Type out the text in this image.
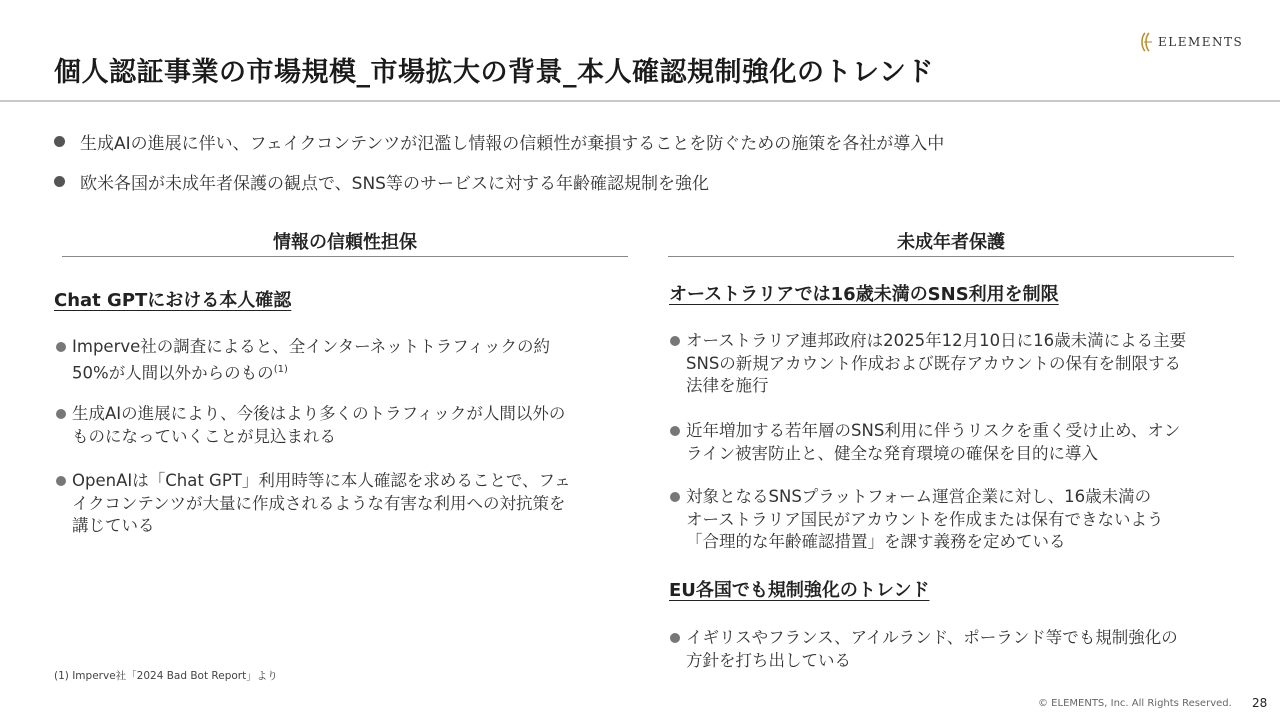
個人認証事業の市場規模_市場拡大の背景_本人確認規制強化のトレンド
ELEMENTS
生成AIの進展に伴い、フェイクコンテンツが氾濫し情報の信頼性が棄損することを防ぐための施策を各社が導入中
欧米各国が未成年者保護の観点で、SNS等のサービスに対する年齢確認規制を強化
情報の信頼性担保
Chat GPTにおける本人確認
Imperve社の調査によると、全インターネットトラフィックの約
50%が人間以外からのもの$^{(1)}$
生成AIの進展により、今後はより多くのトラフィックが人間以外の
ものになっていくことが見込まれる
OpenAIは「Chat GPT」利用時等に本人確認を求めることで、フェ
イクコンテンツが大量に作成されるような有害な利用への対抗策を
講じている
(1) Imperve社「2024 Bad Bot Report」より
未成年者保護
オーストラリアでは16歳未満のSNS利用を制限
オーストラリア連邦政府は2025年12月10日に16歳未満による主要
SNSの新規アカウント作成および既存アカウントの保有を制限する
法律を施行
近年増加する若年層のSNS利用に伴うリスクを重く受け止め、オン
ライン被害防止と、健全な発育環境の確保を目的に導入
対象となるSNSプラットフォーム運営企業に対し、16歳未満の
オーストラリア国民がアカウントを作成または保有できないよう
「合理的な年齢確認措置」を課す義務を定めている
EU各国でも規制強化のトレンド
イギリスやフランス、アイルランド、ポーランド等でも規制強化の
方針を打ち出している
© ELEMENTS, Inc. All Rights Reserved. 28
